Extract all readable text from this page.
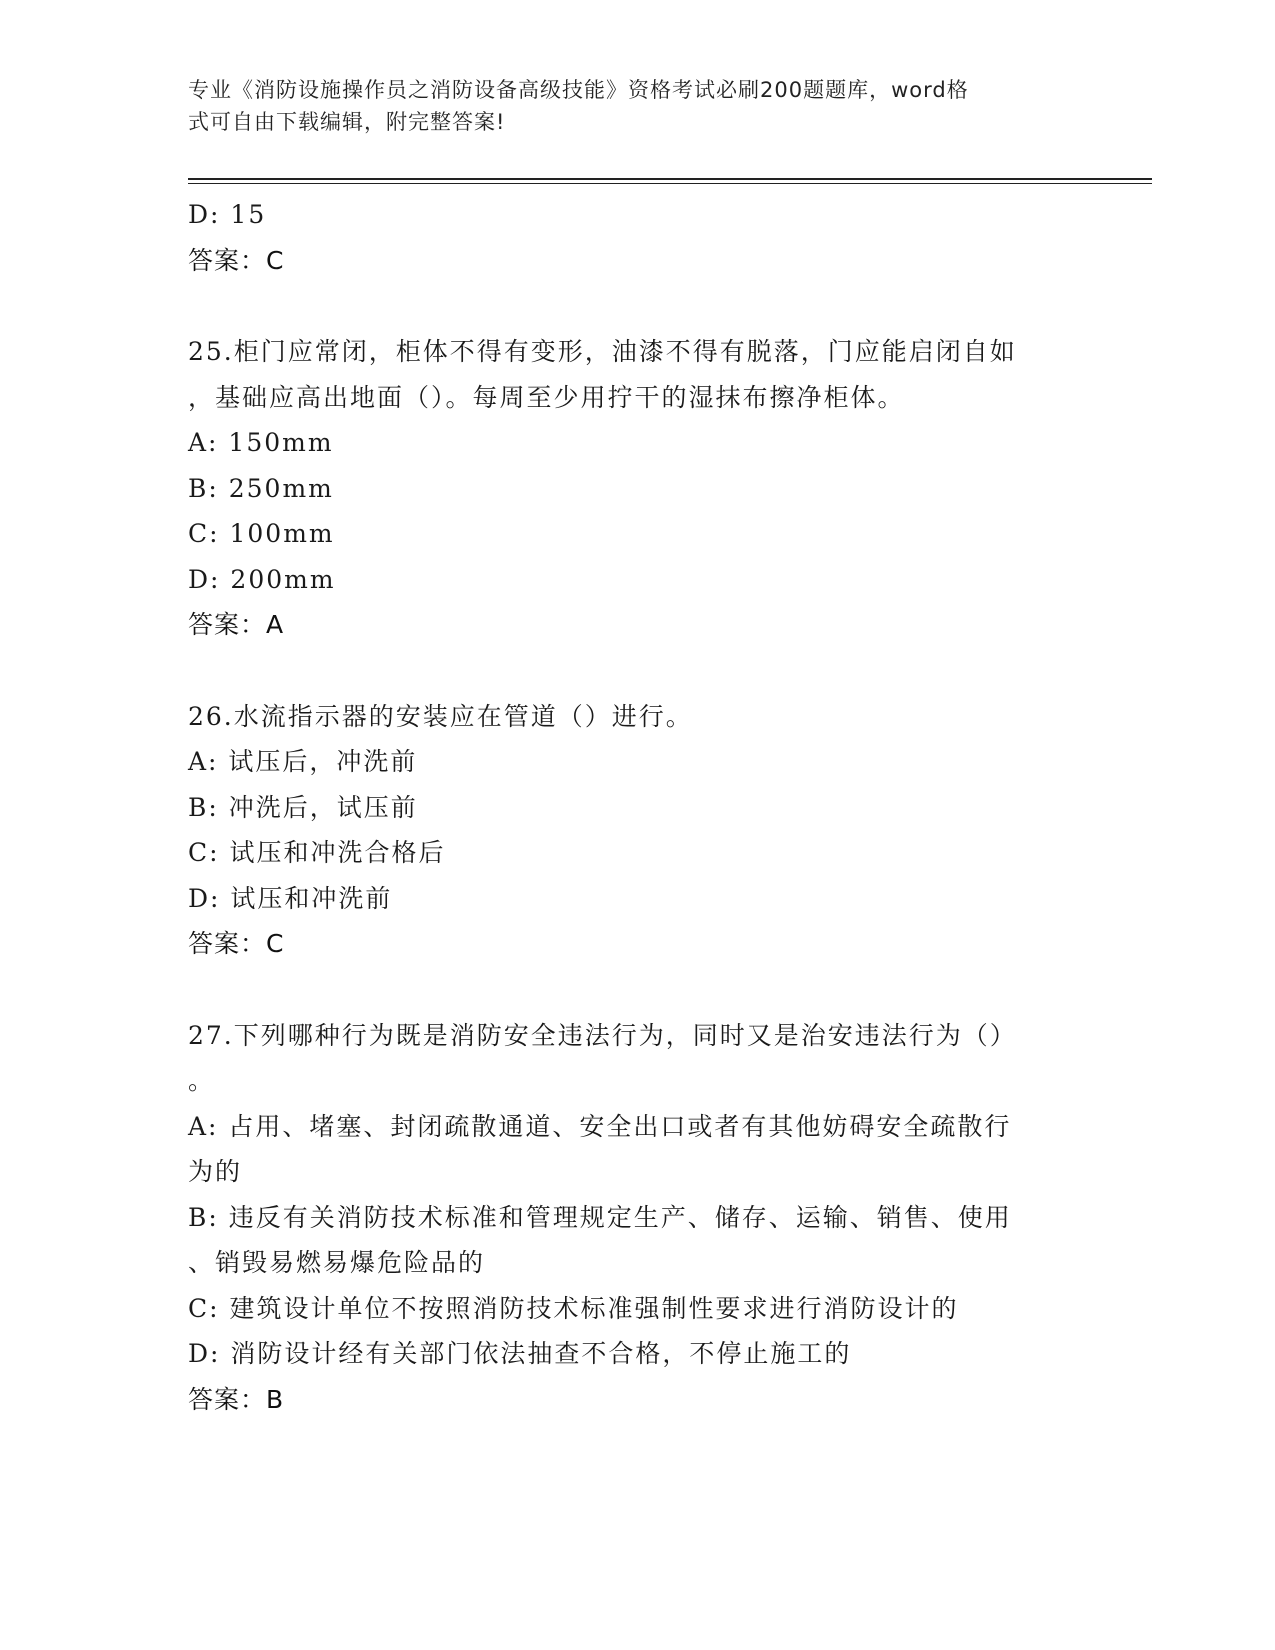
专业《消防设施操作员之消防设备高级技能》资格考试必刷200题题库，word格
式可自由下载编辑，附完整答案!
D: 15
答案：C
25.柜门应常闭，柜体不得有变形，油漆不得有脱落，门应能启闭自如
，基础应高出地面（）。每周至少用拧干的湿抹布擦净柜体。
A: 150mm
B: 250mm
C: 100mm
D: 200mm
答案：A
26.水流指示器的安装应在管道（）进行。
A: 试压后，冲洗前
B: 冲洗后，试压前
C: 试压和冲洗合格后
D: 试压和冲洗前
答案：C
27.下列哪种行为既是消防安全违法行为，同时又是治安违法行为（）
。
A: 占用、堵塞、封闭疏散通道、安全出口或者有其他妨碍安全疏散行
为的
B: 违反有关消防技术标准和管理规定生产、储存、运输、销售、使用
、销毁易燃易爆危险品的
C: 建筑设计单位不按照消防技术标准强制性要求进行消防设计的
D: 消防设计经有关部门依法抽查不合格，不停止施工的
答案：B
